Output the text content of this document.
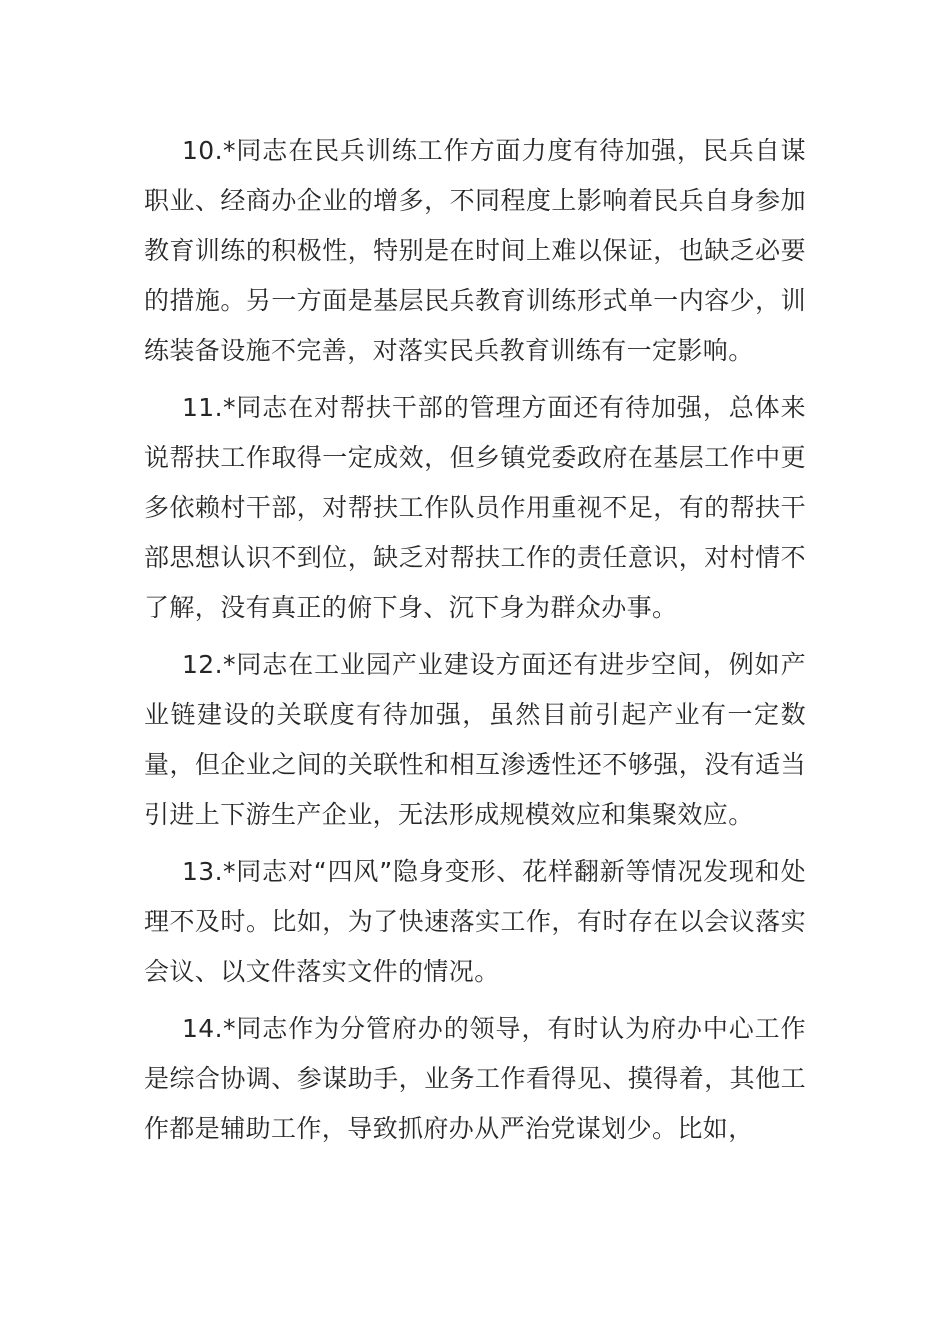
10.*同志在民兵训练工作方面力度有待加强，民兵自谋职业、经商办企业的增多，不同程度上影响着民兵自身参加教育训练的积极性，特别是在时间上难以保证，也缺乏必要的措施。另一方面是基层民兵教育训练形式单一内容少，训练装备设施不完善，对落实民兵教育训练有一定影响。

11.*同志在对帮扶干部的管理方面还有待加强，总体来说帮扶工作取得一定成效，但乡镇党委政府在基层工作中更多依赖村干部，对帮扶工作队员作用重视不足，有的帮扶干部思想认识不到位，缺乏对帮扶工作的责任意识，对村情不了解，没有真正的俯下身、沉下身为群众办事。

12.*同志在工业园产业建设方面还有进步空间，例如产业链建设的关联度有待加强，虽然目前引起产业有一定数量，但企业之间的关联性和相互渗透性还不够强，没有适当引进上下游生产企业，无法形成规模效应和集聚效应。

13.*同志对“四风”隐身变形、花样翻新等情况发现和处理不及时。比如，为了快速落实工作，有时存在以会议落实会议、以文件落实文件的情况。

14.*同志作为分管府办的领导，有时认为府办中心工作是综合协调、参谋助手，业务工作看得见、摸得着，其他工作都是辅助工作，导致抓府办从严治党谋划少。比如，
